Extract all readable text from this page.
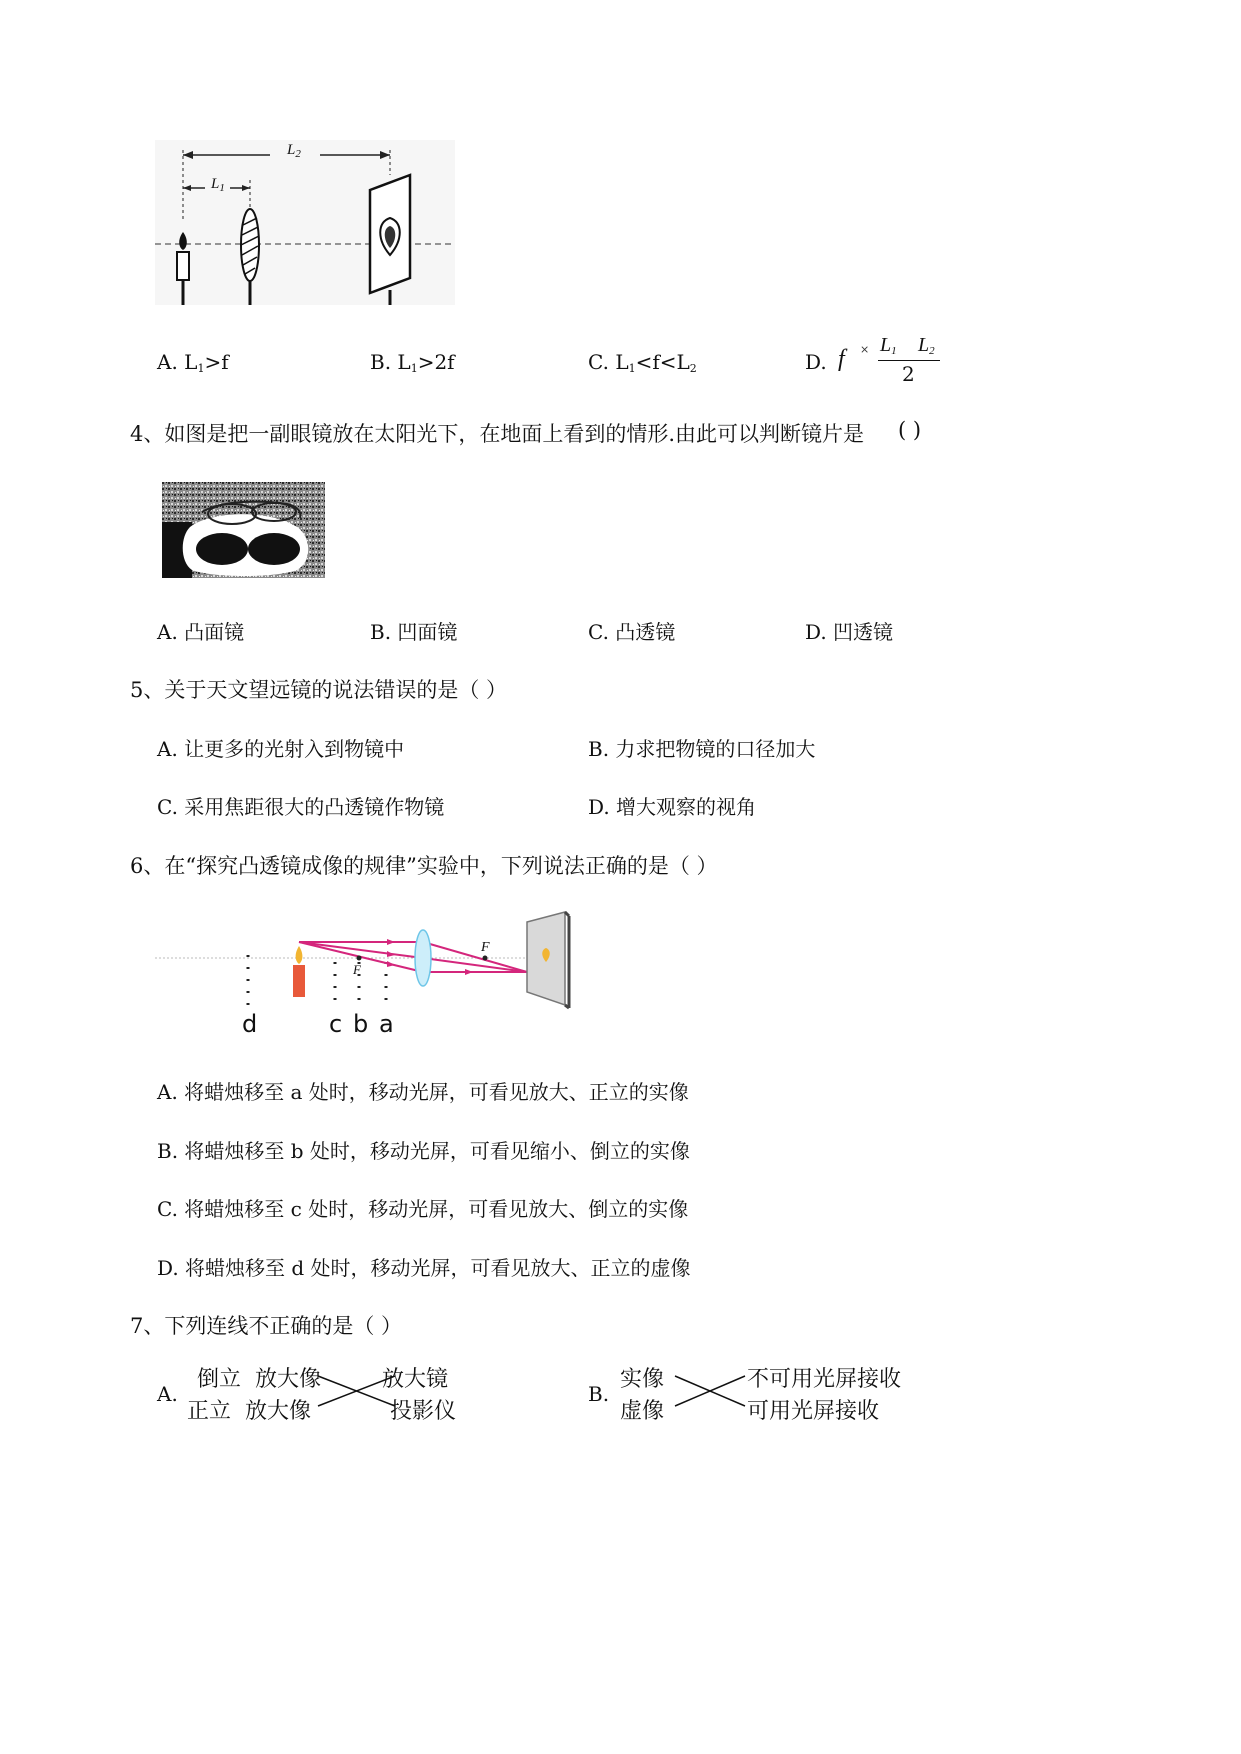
$L_2$
$L_1$
A. $L_1>f$	B. $L_1>2f$	C. $L_1<f<L_2$	D. $f \times L_1$ $L_2$
2
4、如图是把一副眼镜放在太阳光下，在地面上看到的情形.由此可以判断镜片是 ( )
A. 凸面镜	B. 凹面镜	C. 凸透镜	D. 凹透镜
5、关于天文望远镜的说法错误的是（ ）
A. 让更多的光射入到物镜中	B. 力求把物镜的口径加大
C. 采用焦距很大的凸透镜作物镜	D. 增大观察的视角
6、在“探究凸透镜成像的规律”实验中，下列说法正确的是（ ）
F
F
d	c b a
A. 将蜡烛移至 a 处时，移动光屏，可看见放大、正立的实像
B. 将蜡烛移至 b 处时，移动光屏，可看见缩小、倒立的实像
C. 将蜡烛移至 c 处时，移动光屏，可看见放大、倒立的实像
D. 将蜡烛移至 d 处时，移动光屏，可看见放大、正立的虚像
7、下列连线不正确的是（ ）
A.
倒立
正立
放大像
放大像
放大镜
投影仪
B.
实像
虚像
不可用光屏接收
可用光屏接收
